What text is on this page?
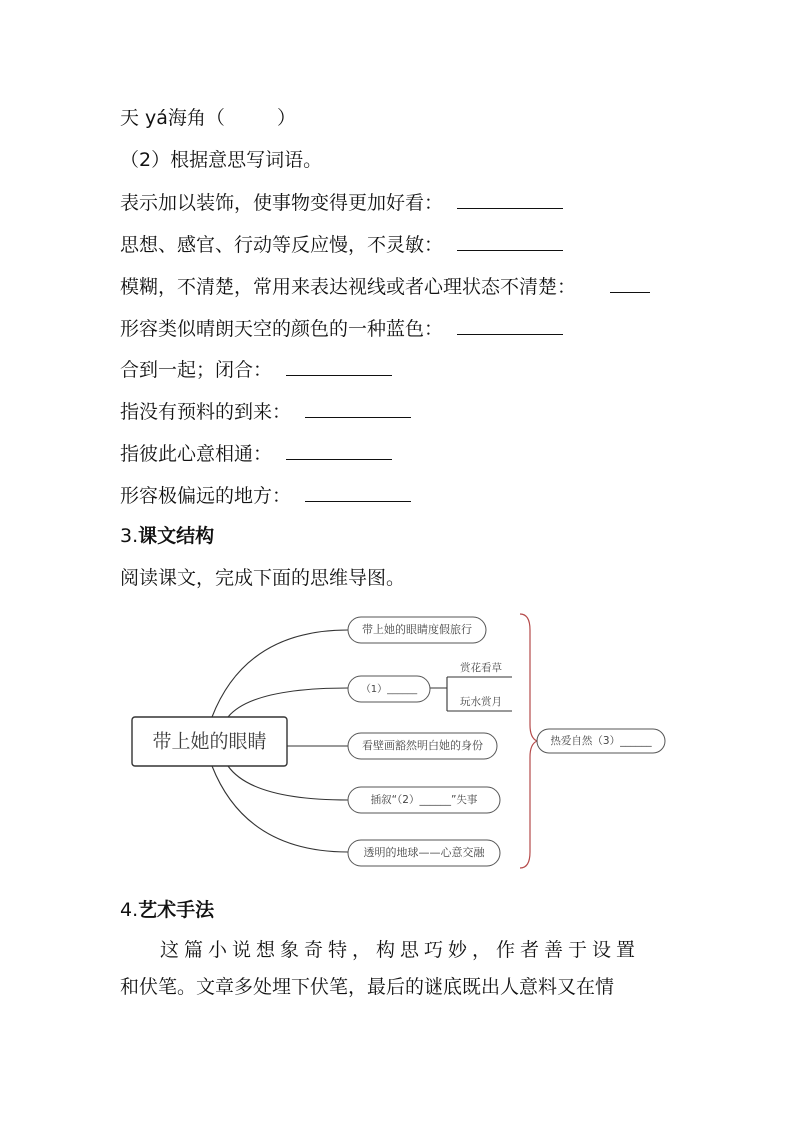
天 yá海角（	）
（2）根据意思写词语。
表示加以装饰，使事物变得更加好看：
思想、感官、行动等反应慢，不灵敏：
模糊，不清楚，常用来表达视线或者心理状态不清楚：
形容类似晴朗天空的颜色的一种蓝色：
合到一起；闭合：
指没有预料的到来：
指彼此心意相通：
形容极偏远的地方：
3.课文结构
阅读课文，完成下面的思维导图。
带上她的眼睛
带上她的眼睛度假旅行
（1）______
看壁画豁然明白她的身份
插叙“（2）______”失事
透明的地球——心意交融
赏花看草
玩水赏月
热爱自然（3）______
4.艺术手法

这篇小说想象奇特，构思巧妙，作者善于设置

和伏笔。文章多处埋下伏笔，最后的谜底既出人意料又在情
